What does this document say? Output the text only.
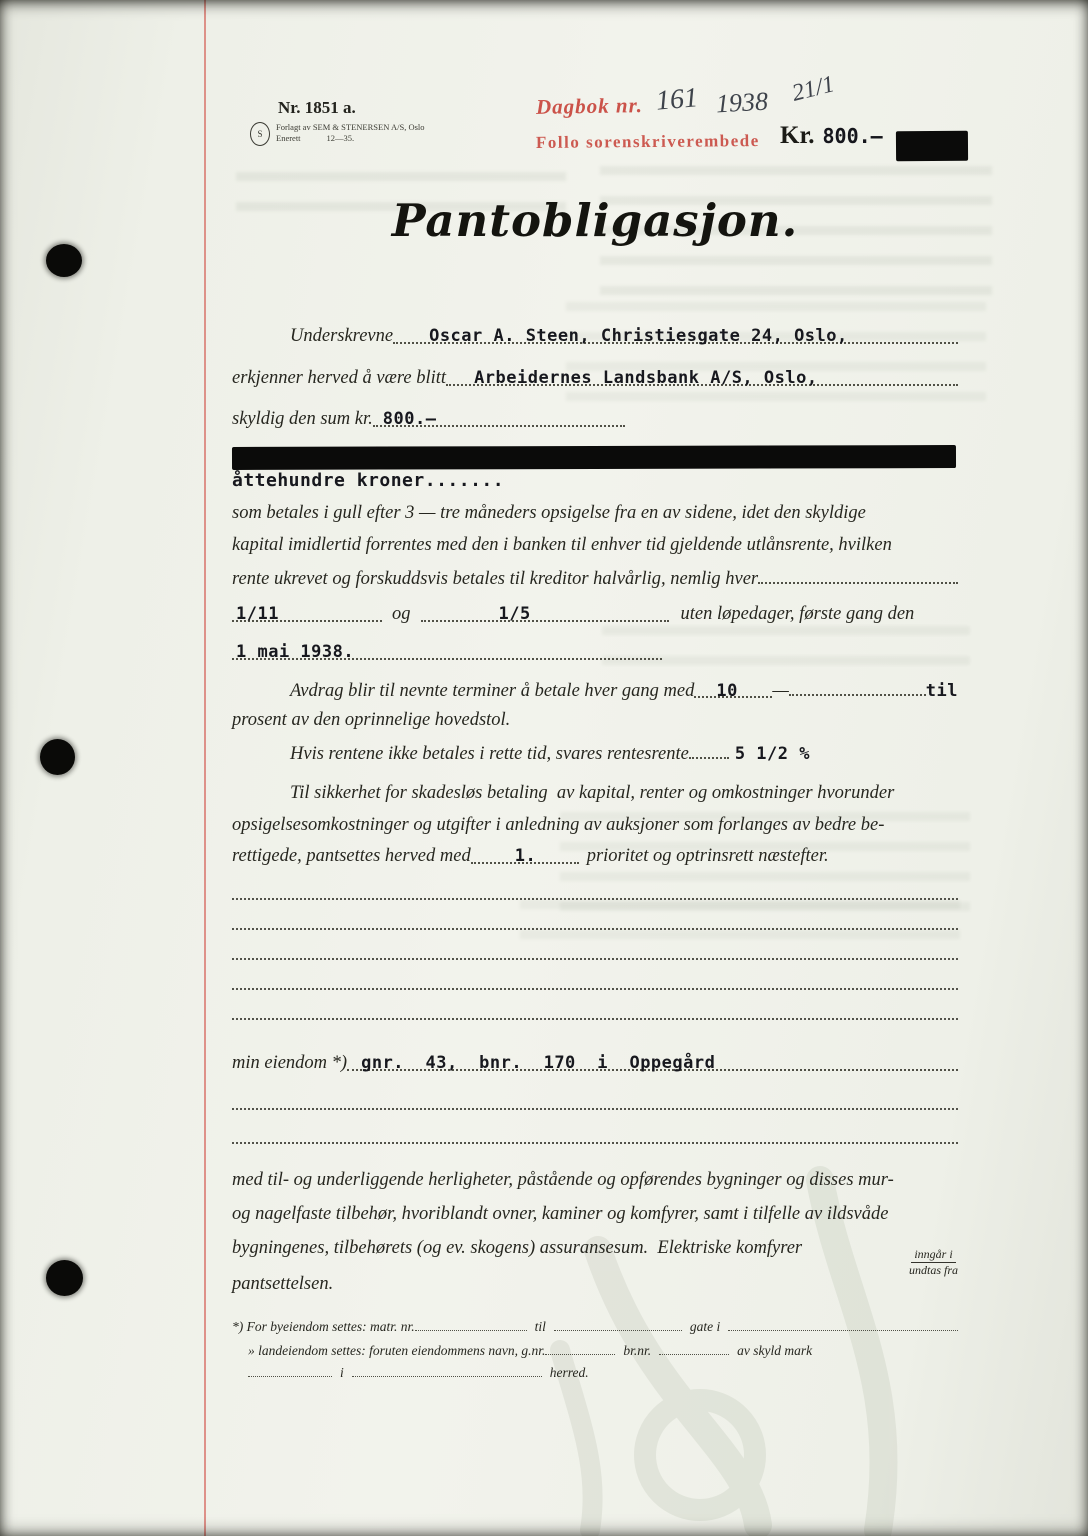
Nr. 1851 a.
S
Forlagt av SEM & STENERSEN A/S, Oslo
Enerett	12—35.
Dagbok nr. 161 1938 21/1
Follo sorenskriverembede Kr. 800.—
Pantobligasjon.
Underskrevne	Oscar A. Steen, Christiesgate 24, Oslo,
erkjenner herved å være blitt	Arbeidernes Landsbank A/S, Oslo,
skyldig den sum kr. 800.—
åttehundre kroner.......
som betales i gull efter 3 — tre måneders opsigelse fra en av sidene, idet den skyldige
kapital imidlertid forrentes med den i banken til enhver tid gjeldende utlånsrente, hvilken
rente ukrevet og forskuddsvis betales til kreditor halvårlig, nemlig hver
1/11	og	1/5	uten løpedager, første gang den
1 mai 1938.
Avdrag blir til nevnte terminer å betale hver gang med	10	—	til
prosent av den oprinnelige hovedstol.
Hvis rentene ikke betales i rette tid, svares rentesrente	5 1/2 %
Til sikkerhet for skadesløs betaling  av kapital, renter og omkostninger hvorunder
opsigelsesomkostninger og utgifter i anledning av auksjoner som forlanges av bedre be-
rettigede, pantsettes herved med	1.	prioritet og optrinsrett næstefter.
min eiendom *) gnr.  43,  bnr.  170  i  Oppegård
med til- og underliggende herligheter, påstående og opførendes bygninger og disses mur-
og nagelfaste tilbehør, hvoriblandt ovner, kaminer og komfyrer, samt i tilfelle av ildsvåde
bygningenes, tilbehørets (og ev. skogens) assuransesum.  Elektriske komfyrer	$\frac{\text{inngår i}}{\text{undtas fra}}$
pantsettelsen.
*) For byeiendom settes: matr. nr.	til	gate i
» landeiendom settes: foruten eiendommens navn, g.nr.	br.nr.	av skyld mark
i	herred.
